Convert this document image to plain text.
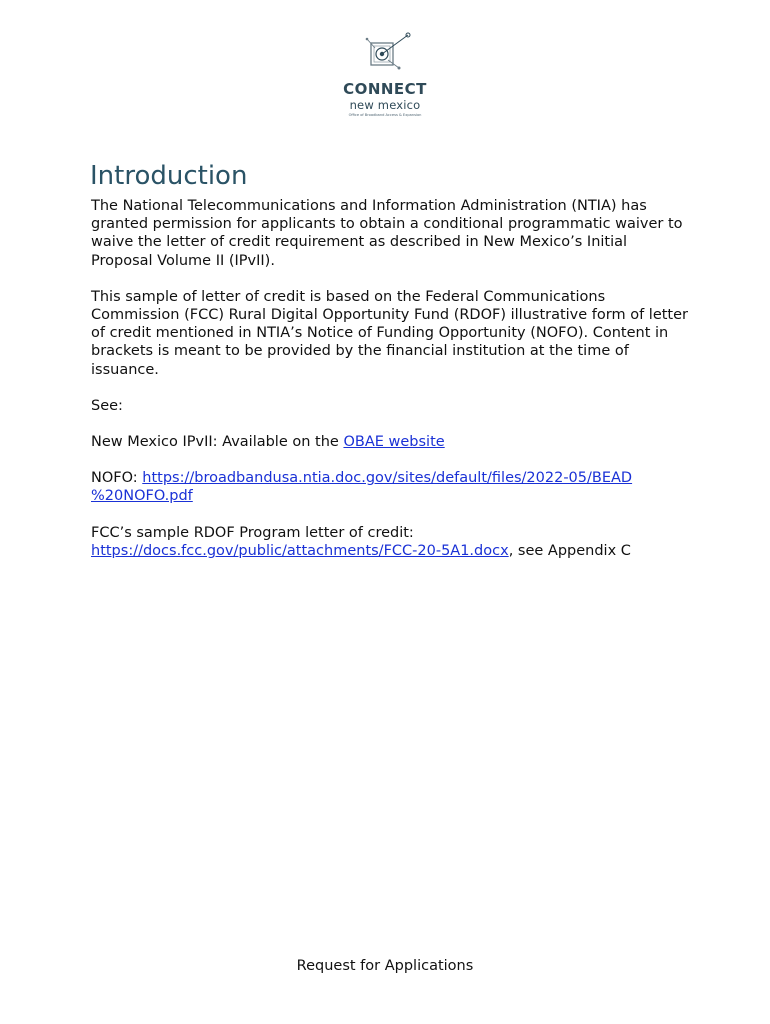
CONNECT
new mexico
Office of Broadband Access & Expansion
Introduction

The National Telecommunications and Information Administration (NTIA) has granted permission for applicants to obtain a conditional programmatic waiver to waive the letter of credit requirement as described in New Mexico’s Initial Proposal Volume II (IPvII).

This sample of letter of credit is based on the Federal Communications Commission (FCC) Rural Digital Opportunity Fund (RDOF) illustrative form of letter of credit mentioned in NTIA’s Notice of Funding Opportunity (NOFO). Content in brackets is meant to be provided by the financial institution at the time of issuance.

See:

New Mexico IPvII: Available on the OBAE website

NOFO: https://broadbandusa.ntia.doc.gov/sites/default/files/2022-05/BEAD
%20NOFO.pdf

FCC’s sample RDOF Program letter of credit:
https://docs.fcc.gov/public/attachments/FCC-20-5A1.docx, see Appendix C

Request for Applications
